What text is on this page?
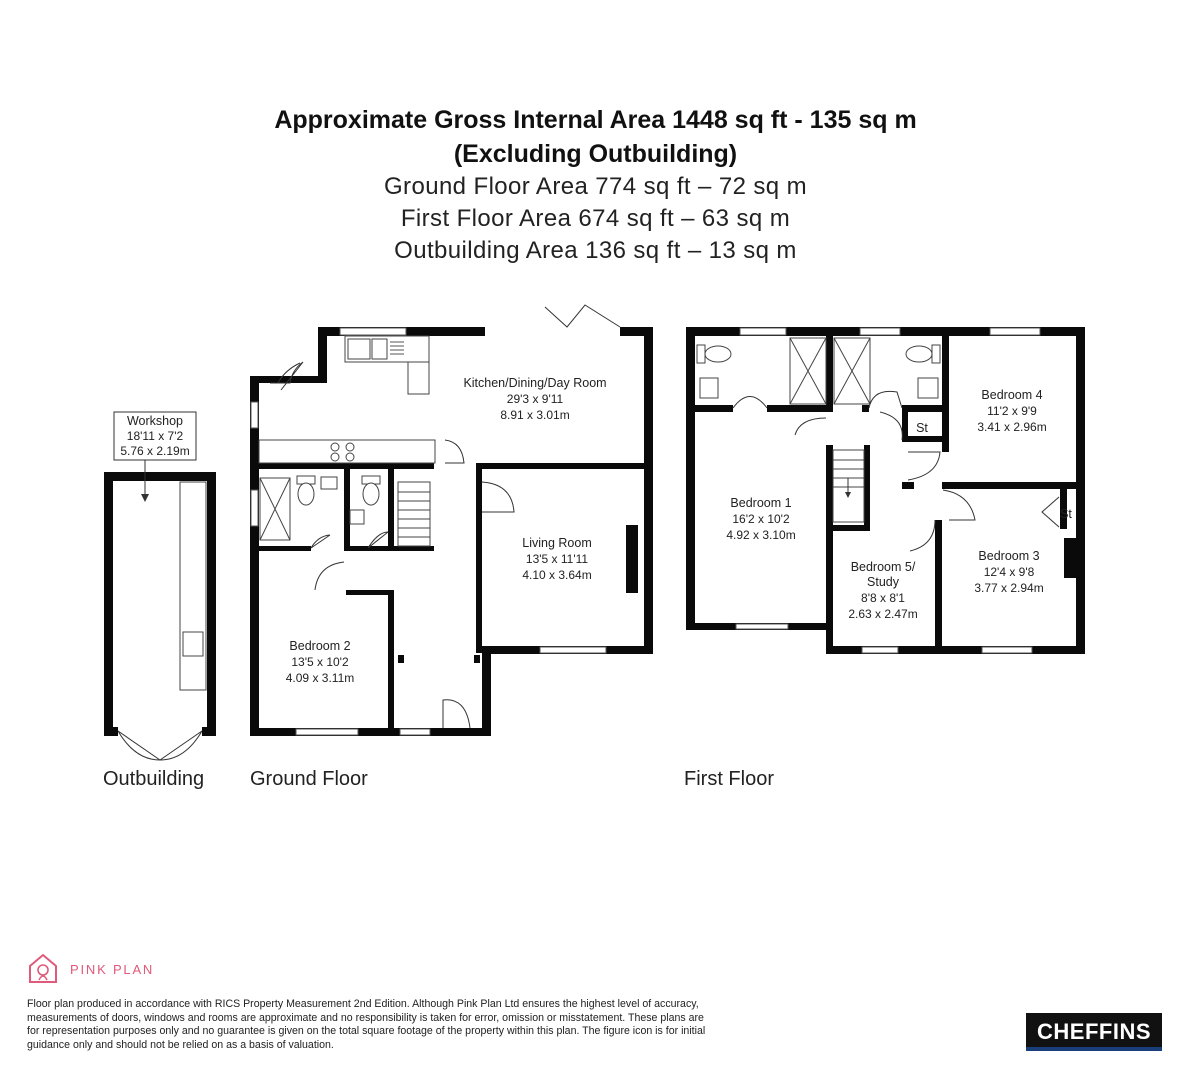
Approximate Gross Internal Area 1448 sq ft - 135 sq m
(Excluding Outbuilding)
Ground Floor Area 774 sq ft – 72 sq m
First Floor Area 674 sq ft – 63 sq m
Outbuilding Area 136 sq ft – 13 sq m
Workshop
18'11 x 7'2
5.76 x 2.19m
Outbuilding
Kitchen/Dining/Day Room
29'3 x 9'11
8.91 x 3.01m
Living Room
13'5 x 11'11
4.10 x 3.64m
Bedroom 2
13'5 x 10'2
4.09 x 3.11m
Ground Floor
St
St
Bedroom 4
11'2 x 9'9
3.41 x 2.96m
Bedroom 1
16'2 x 10'2
4.92 x 3.10m
Bedroom 3
12'4 x 9'8
3.77 x 2.94m
Bedroom 5/
Study
8'8 x 8'1
2.63 x 2.47m
First Floor
PINK PLAN
Floor plan produced in accordance with RICS Property Measurement 2nd Edition. Although Pink Plan Ltd ensures the highest level of accuracy, measurements of doors, windows and rooms are approximate and no responsibility is taken for error, omission or misstatement. These plans are for representation purposes only and no guarantee is given on the total square footage of the property within this plan. The figure icon is for initial guidance only and should not be relied on as a basis of valuation.
CHEFFINS
